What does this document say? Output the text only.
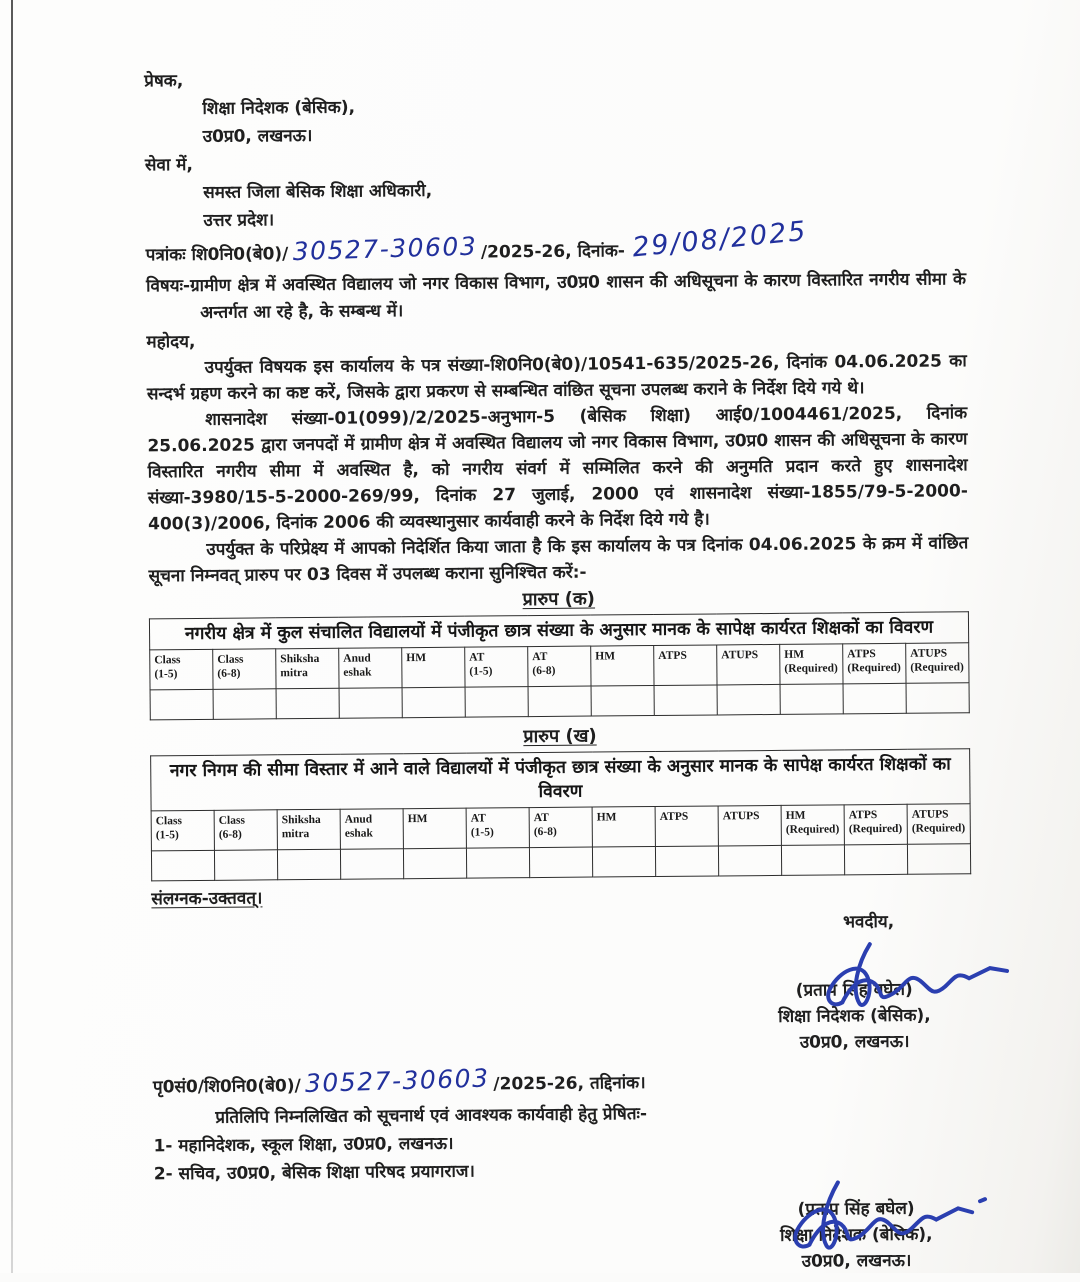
प्रेषक,
शिक्षा निदेशक (बेसिक),
उ0प्र0, लखनऊ।
सेवा में,
समस्त जिला बेसिक शिक्षा अधिकारी,
उत्तर प्रदेश।
पत्रांकः शि0नि0(बे0)/ 30527-30603 /2025-26, दिनांक- 29/08/2025
विषयः-ग्रामीण क्षेत्र में अवस्थित विद्यालय जो नगर विकास विभाग, उ0प्र0 शासन की अधिसूचना के कारण विस्तारित नगरीय सीमा के अन्तर्गत आ रहे है, के सम्बन्ध में।
महोदय,

उपर्युक्त विषयक इस कार्यालय के पत्र संख्या-शि0नि0(बे0)/10541-635/2025-26, दिनांक 04.06.2025 का सन्दर्भ ग्रहण करने का कष्ट करें, जिसके द्वारा प्रकरण से सम्बन्धित वांछित सूचना उपलब्ध कराने के निर्देश दिये गये थे।

शासनादेश संख्या-01(099)/2/2025-अनुभाग-5 (बेसिक शिक्षा) आई0/1004461/2025, दिनांक 25.06.2025 द्वारा जनपदों में ग्रामीण क्षेत्र में अवस्थित विद्यालय जो नगर विकास विभाग, उ0प्र0 शासन की अधिसूचना के कारण विस्तारित नगरीय सीमा में अवस्थित है, को नगरीय संवर्ग में सम्मिलित करने की अनुमति प्रदान करते हुए शासनादेश संख्या-3980/15-5-2000-269/99, दिनांक 27 जुलाई, 2000 एवं शासनादेश संख्या-1855/79-5-2000-400(3)/2006, दिनांक 2006 की व्यवस्थानुसार कार्यवाही करने के निर्देश दिये गये है।

उपर्युक्त के परिप्रेक्ष्य में आपको निदेर्शित किया जाता है कि इस कार्यालय के पत्र दिनांक 04.06.2025 के क्रम में वांछित सूचना निम्नवत् प्रारुप पर 03 दिवस में उपलब्ध कराना सुनिश्चित करें:-

प्रारुप (क)
नगरीय क्षेत्र में कुल संचालित विद्यालयों में पंजीकृत छात्र संख्या के अनुसार मानक के सापेक्ष कार्यरत शिक्षकों का विवरण												

Class
(1-5)	Class
(6-8)	Shiksha
mitra	Anud
eshak	HM	AT
(1-5)	AT
(6-8)	HM	ATPS	ATUPS	HM
(Required)	ATPS
(Required)	ATUPS
(Required)

प्रारुप (ख)
नगर निगम की सीमा विस्तार में आने वाले विद्यालयों में पंजीकृत छात्र संख्या के अनुसार मानक के सापेक्ष कार्यरत शिक्षकों का विवरण												

Class
(1-5)	Class
(6-8)	Shiksha
mitra	Anud
eshak	HM	AT
(1-5)	AT
(6-8)	HM	ATPS	ATUPS	HM
(Required)	ATPS
(Required)	ATUPS
(Required)

संलग्नक-उक्तवत्।
भवदीय,
(प्रताप सिंह बघेल)
शिक्षा निदेशक (बेसिक),
उ0प्र0, लखनऊ।
पृ0सं0/शि0नि0(बे0)/ 30527-30603 /2025-26, तद्दिनांक।
प्रतिलिपि निम्नलिखित को सूचनार्थ एवं आवश्यक कार्यवाही हेतु प्रेषितः-
1- महानिदेशक, स्कूल शिक्षा, उ0प्र0, लखनऊ।
2- सचिव, उ0प्र0, बेसिक शिक्षा परिषद प्रयागराज।
(प्रताप सिंह बघेल)
शिक्षा निदेशक (बेसिक),
उ0प्र0, लखनऊ।
